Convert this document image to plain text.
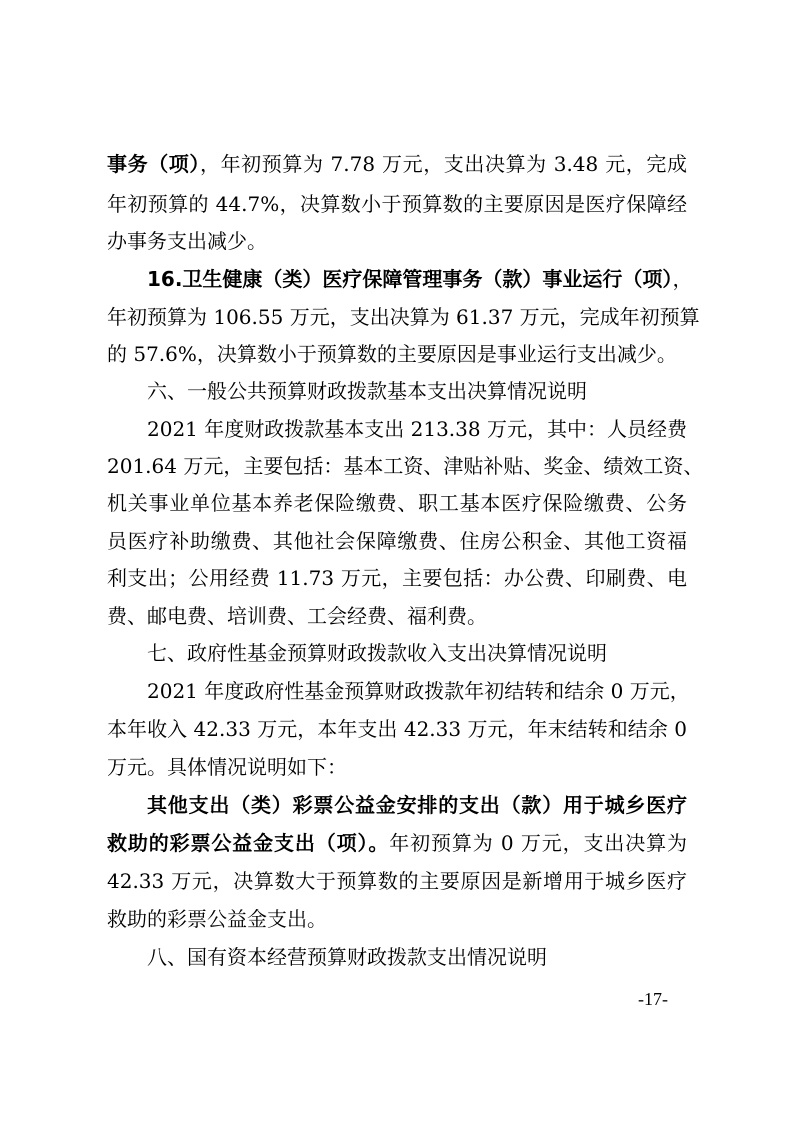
事务（项），年初预算为 7.78 万元，支出决算为 3.48 元，完成
年初预算的 44.7%，决算数小于预算数的主要原因是医疗保障经
办事务支出减少。
16.卫生健康（类）医疗保障管理事务（款）事业运行（项），
年初预算为 106.55 万元，支出决算为 61.37 万元，完成年初预算
的 57.6%，决算数小于预算数的主要原因是事业运行支出减少。
六、一般公共预算财政拨款基本支出决算情况说明
2021 年度财政拨款基本支出 213.38 万元，其中：人员经费
201.64 万元，主要包括：基本工资、津贴补贴、奖金、绩效工资、
机关事业单位基本养老保险缴费、职工基本医疗保险缴费、公务
员医疗补助缴费、其他社会保障缴费、住房公积金、其他工资福
利支出；公用经费 11.73 万元，主要包括：办公费、印刷费、电
费、邮电费、培训费、工会经费、福利费。
七、政府性基金预算财政拨款收入支出决算情况说明
2021 年度政府性基金预算财政拨款年初结转和结余 0 万元，
本年收入 42.33 万元，本年支出 42.33 万元，年末结转和结余 0
万元。具体情况说明如下：
其他支出（类）彩票公益金安排的支出（款）用于城乡医疗
救助的彩票公益金支出（项）。年初预算为 0 万元，支出决算为
42.33 万元，决算数大于预算数的主要原因是新增用于城乡医疗
救助的彩票公益金支出。
八、国有资本经营预算财政拨款支出情况说明
-17-
